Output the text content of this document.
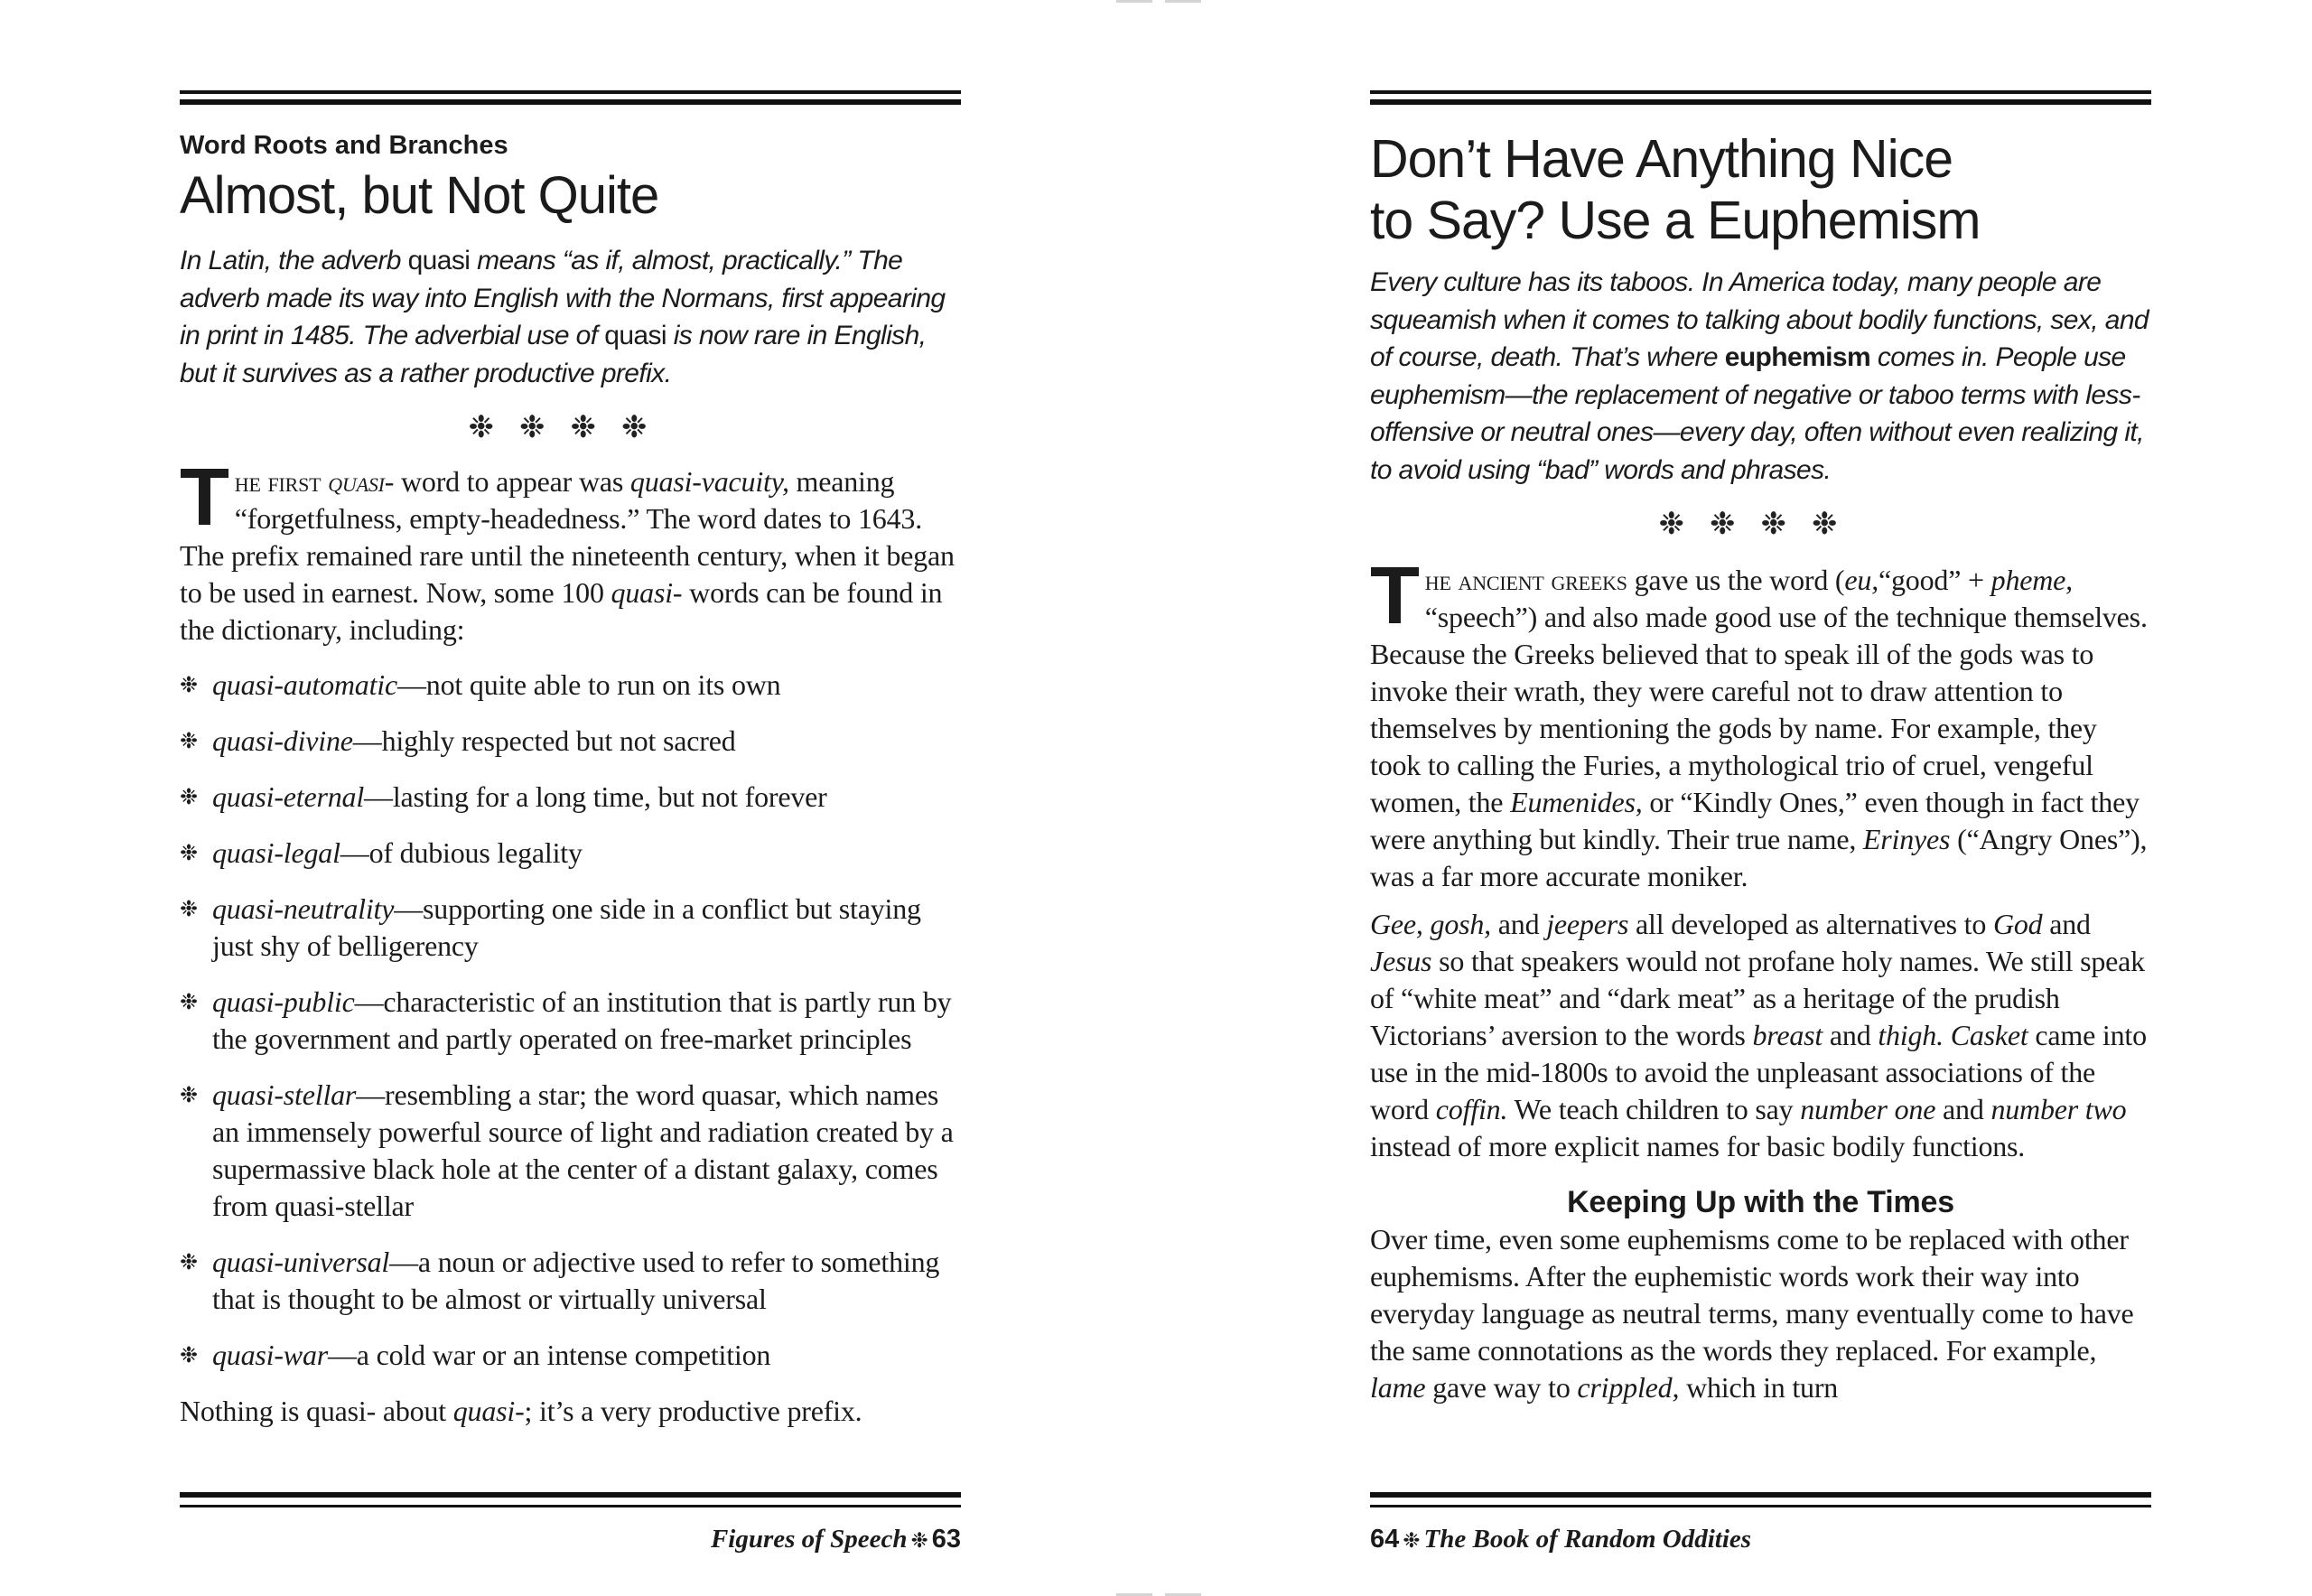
Word Roots and Branches
Almost, but Not Quite
In Latin, the adverb quasi means “as if, almost, practically.” The adverb made its way into English with the Normans, first appearing in print in 1485. The adverbial use of quasi is now rare in English, but it survives as a rather productive prefix.
❉❉❉❉

The first quasi- word to appear was quasi-vacuity, meaning “forgetfulness, empty-headedness.” The word dates to 1643. The prefix remained rare until the nineteenth century, when it began to be used in earnest. Now, some 100 quasi- words can be found in the dictionary, including:

❉ quasi-automatic—not quite able to run on its own
❉ quasi-divine—highly respected but not sacred
❉ quasi-eternal—lasting for a long time, but not forever
❉ quasi-legal—of dubious legality
❉ quasi-neutrality—supporting one side in a conflict but staying just shy of belligerency
❉ quasi-public—characteristic of an institution that is partly run by the government and partly operated on free-market principles
❉ quasi-stellar—resembling a star; the word quasar, which names an immensely powerful source of light and radiation created by a supermassive black hole at the center of a distant galaxy, comes from quasi-stellar
❉ quasi-universal—a noun or adjective used to refer to something that is thought to be almost or virtually universal
❉ quasi-war—a cold war or an intense competition

Nothing is quasi- about quasi-; it’s a very productive prefix.

Figures of Speech ❉ 63
Don’t Have Anything Nice
to Say? Use a Euphemism
Every culture has its taboos. In America today, many people are squeamish when it comes to talking about bodily functions, sex, and of course, death. That’s where euphemism comes in. People use euphemism—the replacement of negative or taboo terms with less-offensive or neutral ones—every day, often without even realizing it, to avoid using “bad” words and phrases.
❉❉❉❉

The ancient greeks gave us the word (eu,“good” + pheme, “speech”) and also made good use of the technique themselves. Because the Greeks believed that to speak ill of the gods was to invoke their wrath, they were careful not to draw attention to themselves by mentioning the gods by name. For example, they took to calling the Furies, a mythological trio of cruel, vengeful women, the Eumenides, or “Kindly Ones,” even though in fact they were anything but kindly. Their true name, Erinyes (“Angry Ones”), was a far more accurate moniker.

Gee, gosh, and jeepers all developed as alternatives to God and Jesus so that speakers would not profane holy names. We still speak of “white meat” and “dark meat” as a heritage of the prudish Victorians’ aversion to the words breast and thigh. Casket came into use in the mid-1800s to avoid the unpleasant associations of the word coffin. We teach children to say number one and number two instead of more explicit names for basic bodily functions.

Keeping Up with the Times

Over time, even some euphemisms come to be replaced with other euphemisms. After the euphemistic words work their way into everyday language as neutral terms, many eventually come to have the same connotations as the words they replaced. For example, lame gave way to crippled, which in turn

64 ❉ The Book of Random Oddities
